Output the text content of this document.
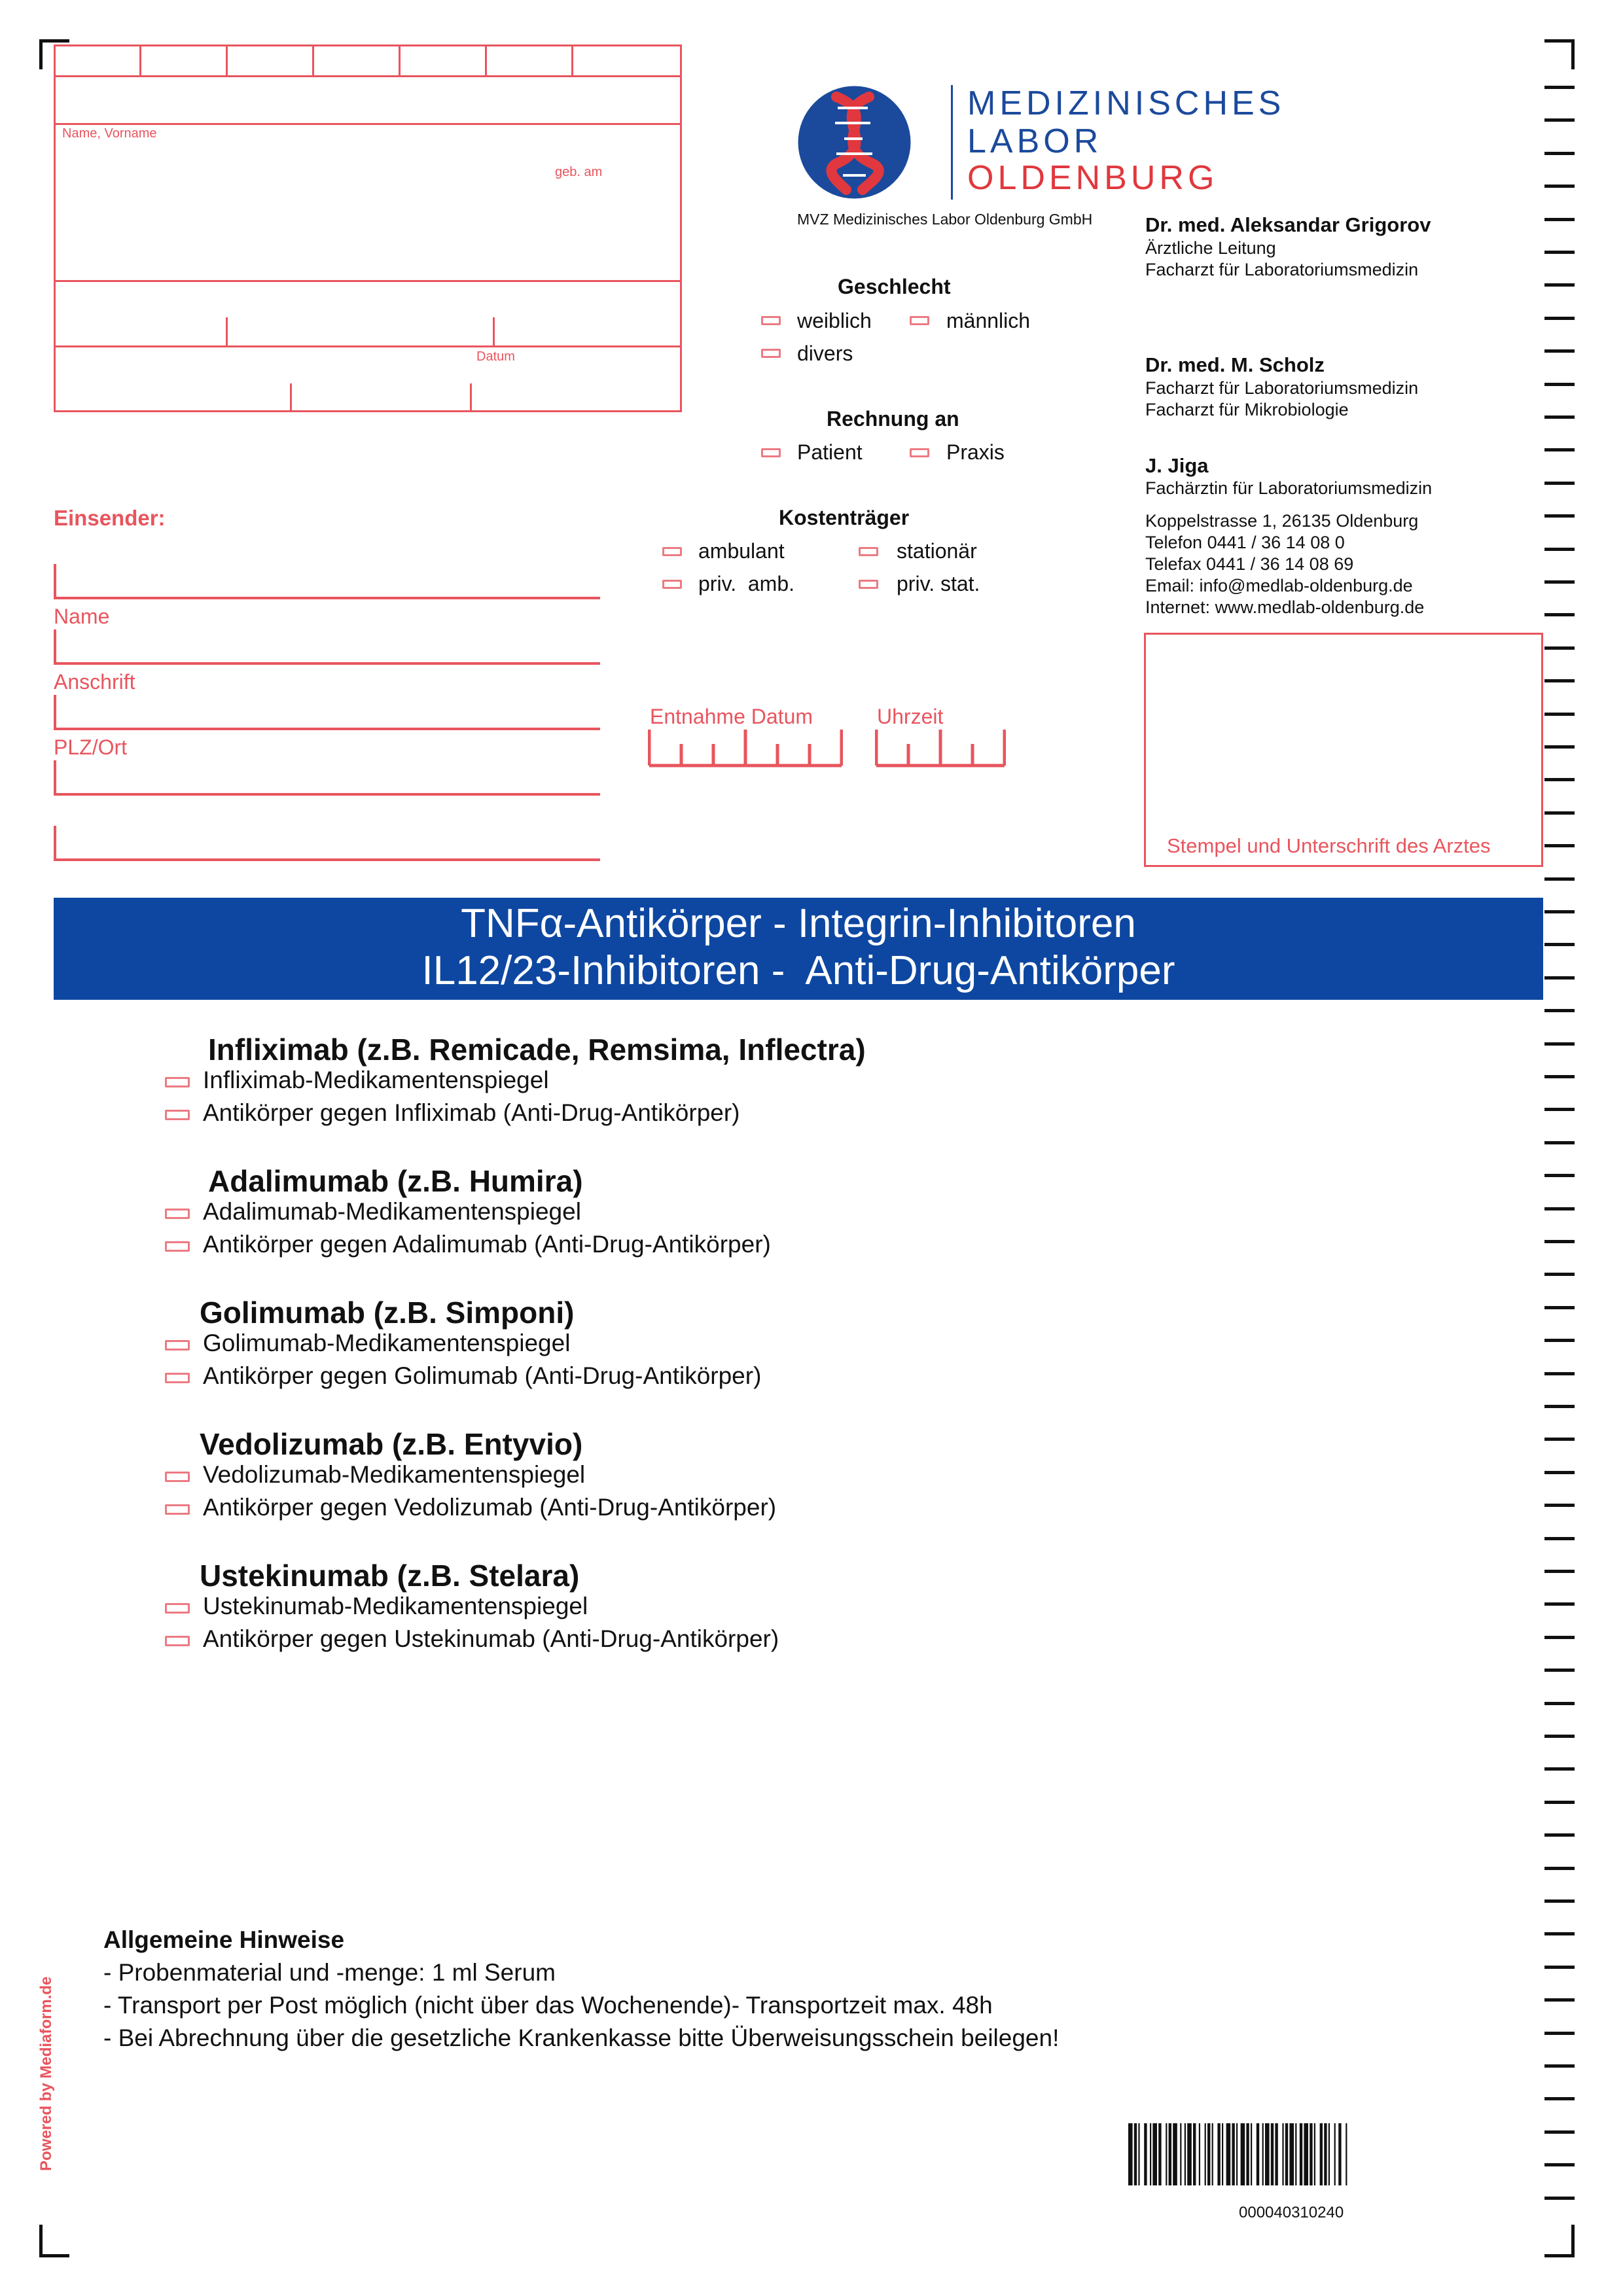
Name, Vorname
geb. am
Datum
MEDIZINISCHES
LABOR
OLDENBURG
MVZ Medizinisches Labor Oldenburg GmbH	Dr. med. Aleksandar Grigorov
Ärztliche Leitung
Facharzt für Laboratoriumsmedizin
Dr. med. M. Scholz
Facharzt für Laboratoriumsmedizin
Facharzt für Mikrobiologie
J. Jiga
Fachärztin für Laboratoriumsmedizin
Koppelstrasse 1, 26135 Oldenburg
Telefon 0441 / 36 14 08 0
Telefax 0441 / 36 14 08 69
Email: info@medlab-oldenburg.de
Internet: www.medlab-oldenburg.de
Geschlecht
weiblich	männlich
divers
Rechnung an
Patient	Praxis
Kostenträger
ambulant	stationär
priv.  amb.	priv. stat.
Einsender:
Name
Anschrift
PLZ/Ort
Entnahme Datum	Uhrzeit
Stempel und Unterschrift des Arztes
TNFα-Antikörper - Integrin-Inhibitoren
IL12/23-Inhibitoren -  Anti-Drug-Antikörper
Infliximab (z.B. Remicade, Remsima, Inflectra)
Infliximab-Medikamentenspiegel
Antikörper gegen Infliximab (Anti-Drug-Antikörper)
Adalimumab (z.B. Humira)
Adalimumab-Medikamentenspiegel
Antikörper gegen Adalimumab (Anti-Drug-Antikörper)
Golimumab (z.B. Simponi)
Golimumab-Medikamentenspiegel
Antikörper gegen Golimumab (Anti-Drug-Antikörper)
Vedolizumab (z.B. Entyvio)
Vedolizumab-Medikamentenspiegel
Antikörper gegen Vedolizumab (Anti-Drug-Antikörper)
Ustekinumab (z.B. Stelara)
Ustekinumab-Medikamentenspiegel
Antikörper gegen Ustekinumab (Anti-Drug-Antikörper)
Allgemeine Hinweise
- Probenmaterial und -menge: 1 ml Serum
- Transport per Post möglich (nicht über das Wochenende)- Transportzeit max. 48h
- Bei Abrechnung über die gesetzliche Krankenkasse bitte Überweisungsschein beilegen!
000040310240
Powered by Mediaform.de
